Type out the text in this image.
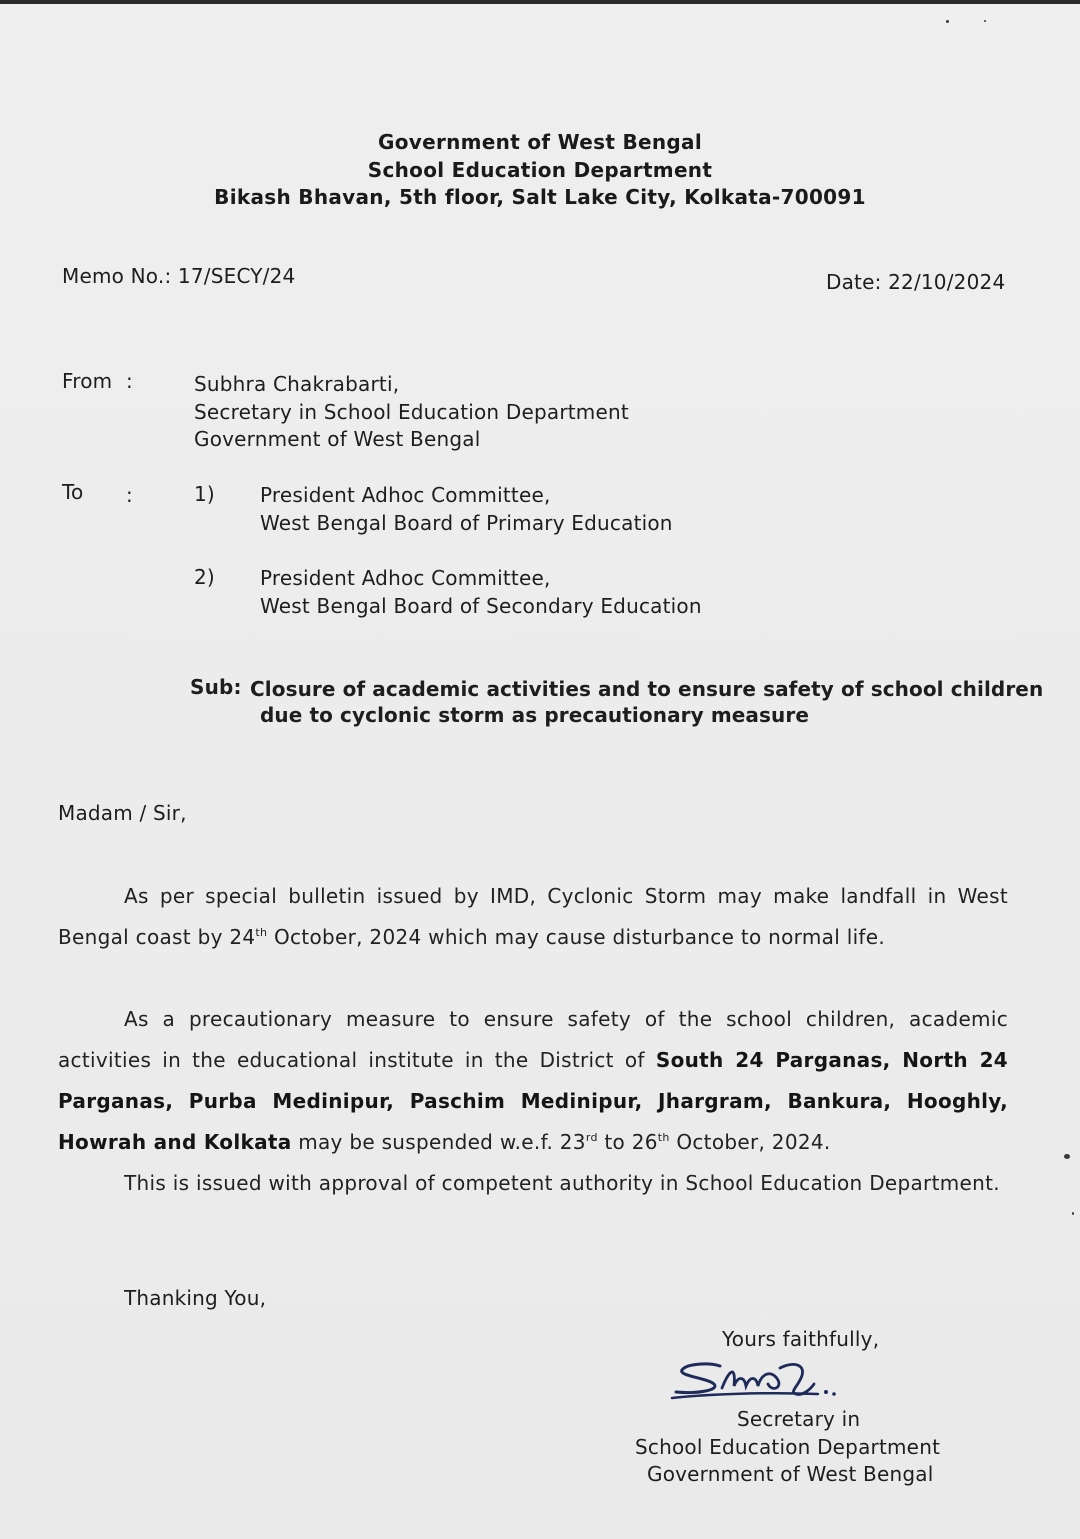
Government of West Bengal
School Education Department
Bikash Bhavan, 5th floor, Salt Lake City, Kolkata-700091
Memo No.: 17/SECY/24	Date: 22/10/2024
From :	Subhra Chakrabarti,
Secretary in School Education Department
Government of West Bengal
To :	1) President Adhoc Committee,
West Bengal Board of Primary Education
2) President Adhoc Committee,
West Bengal Board of Secondary Education
Sub: Closure of academic activities and to ensure safety of school children
due to cyclonic storm as precautionary measure
Madam / Sir,
As per special bulletin issued by IMD, Cyclonic Storm may make landfall in West Bengal coast by 24th October, 2024 which may cause disturbance to normal life.
As a precautionary measure to ensure safety of the school children, academic activities in the educational institute in the District of South 24 Parganas, North 24 Parganas, Purba Medinipur, Paschim Medinipur, Jhargram, Bankura, Hooghly, Howrah and Kolkata may be suspended w.e.f. 23rd to 26th October, 2024.
This is issued with approval of competent authority in School Education Department.
Thanking You,
Yours faithfully,
Secretary in
School Education Department
Government of West Bengal
